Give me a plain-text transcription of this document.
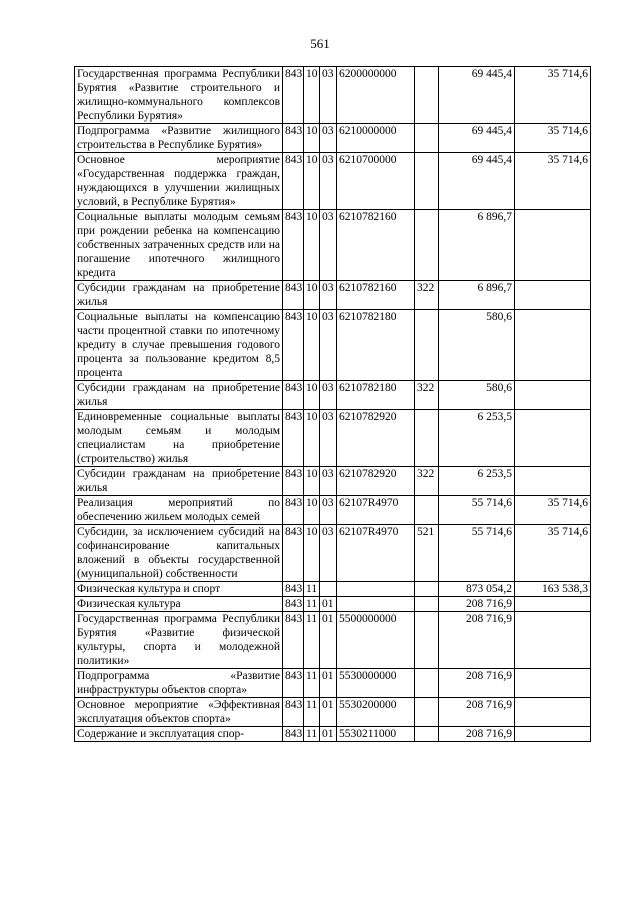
561
Государственная программа Республики Бурятия «Развитие строительного и жилищно-коммунального комплексов Республики Бурятия»	843	10	03	6200000000		69 445,4	35 714,6
Подпрограмма «Развитие жилищного строительства в Республике Бурятия»	843	10	03	6210000000		69 445,4	35 714,6
Основное мероприятие «Государственная поддержка граждан, нуждающихся в улучшении жилищных условий, в Республике Бурятия»	843	10	03	6210700000		69 445,4	35 714,6
Социальные выплаты молодым семьям при рождении ребенка на компенсацию собственных затраченных средств или на погашение ипотечного жилищного кредита	843	10	03	6210782160		6 896,7	
Субсидии гражданам на приобретение жилья	843	10	03	6210782160	322	6 896,7	
Социальные выплаты на компенсацию части процентной ставки по ипотечному кредиту в случае превышения годового процента за пользование кредитом 8,5 процента	843	10	03	6210782180		580,6	
Субсидии гражданам на приобретение жилья	843	10	03	6210782180	322	580,6	
Единовременные социальные выплаты молодым семьям и молодым специалистам на приобретение (строительство) жилья	843	10	03	6210782920		6 253,5	
Субсидии гражданам на приобретение жилья	843	10	03	6210782920	322	6 253,5	
Реализация мероприятий по обеспечению жильем молодых семей	843	10	03	62107R4970		55 714,6	35 714,6
Субсидии, за исключением субсидий на софинансирование капитальных вложений в объекты государственной (муниципальной) собственности	843	10	03	62107R4970	521	55 714,6	35 714,6
Физическая культура и спорт	843	11				873 054,2	163 538,3
Физическая культура	843	11	01			208 716,9	
Государственная программа Республики Бурятия «Развитие физической культуры, спорта и молодежной политики»	843	11	01	5500000000		208 716,9	
Подпрограмма «Развитие инфраструктуры объектов спорта»	843	11	01	5530000000		208 716,9	
Основное мероприятие «Эффективная эксплуатация объектов спорта»	843	11	01	5530200000		208 716,9	
Содержание и эксплуатация спор-	843	11	01	5530211000		208 716,9	
